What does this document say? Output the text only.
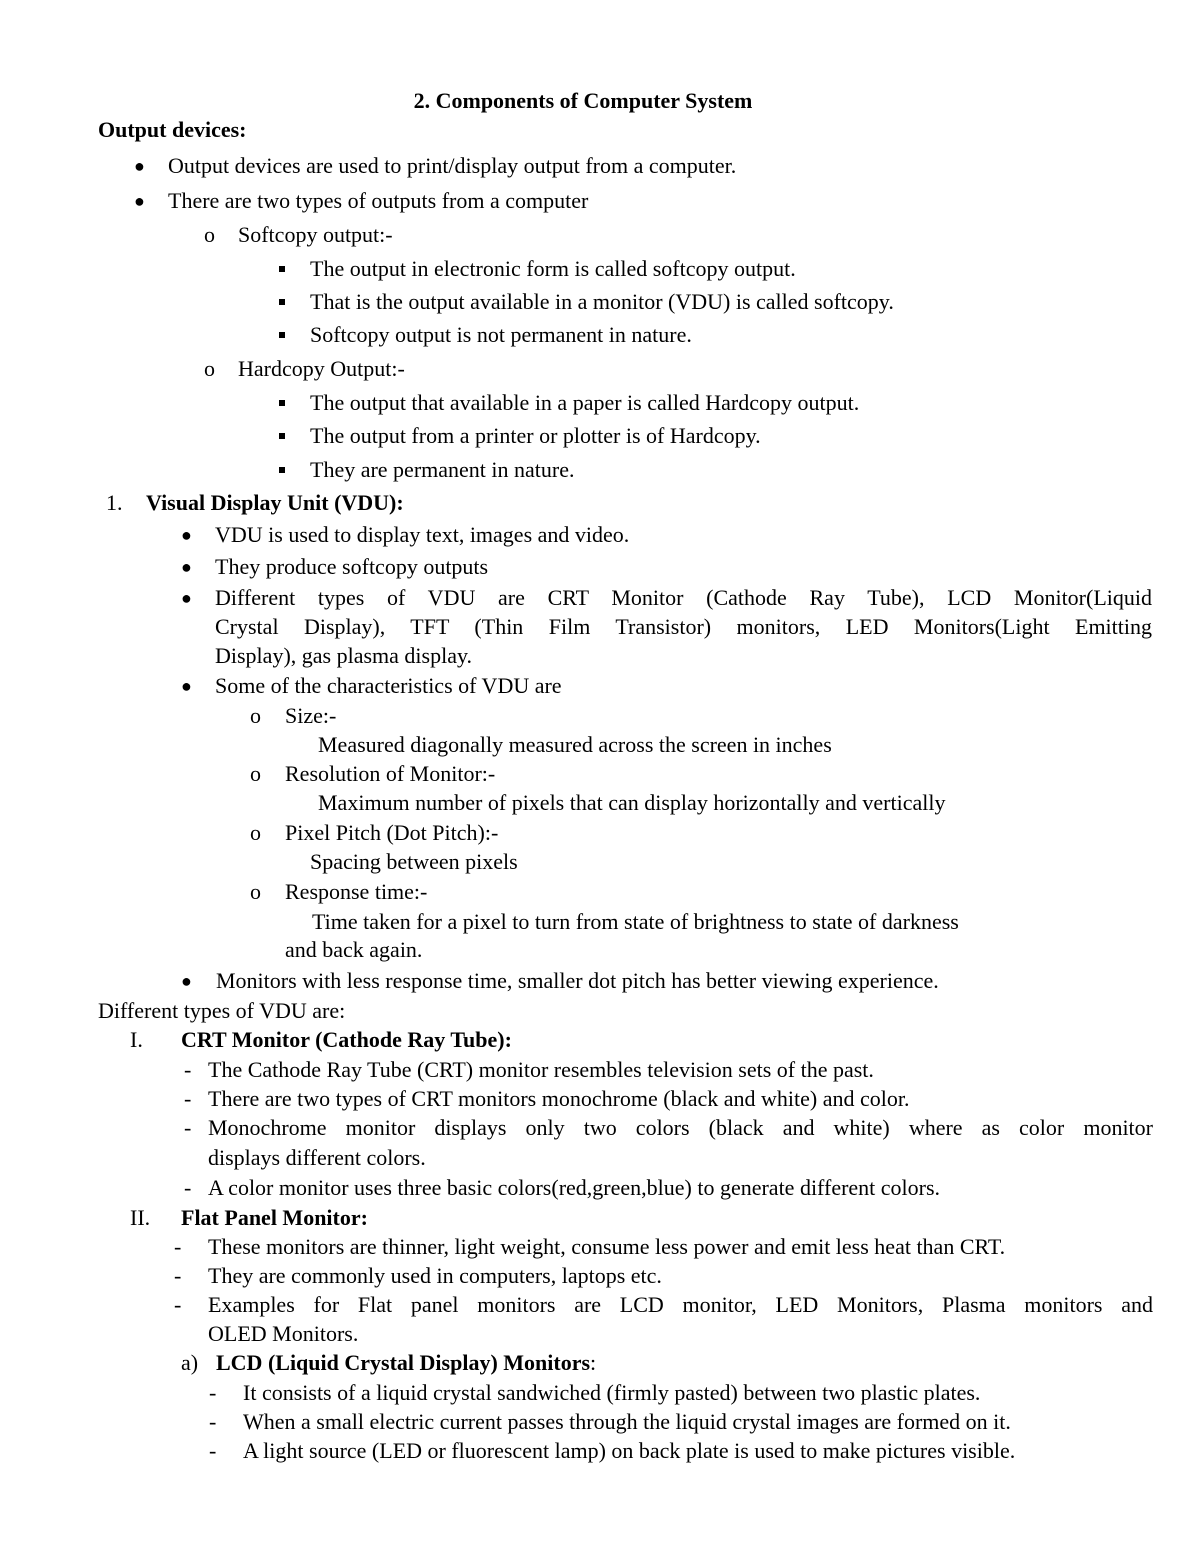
2. Components of Computer System
Output devices:
● Output devices are used to print/display output from a computer.
● There are two types of outputs from a computer
o Softcopy output:-
The output in electronic form is called softcopy output.
That is the output available in a monitor (VDU) is called softcopy.
Softcopy output is not permanent in nature.
o Hardcopy Output:-
The output that available in a paper is called Hardcopy output.
The output from a printer or plotter is of Hardcopy.
They are permanent in nature.
1. Visual Display Unit (VDU):
● VDU is used to display text, images and video.
● They produce softcopy outputs
● Different types of VDU are CRT Monitor (Cathode Ray Tube), LCD Monitor(Liquid
Crystal Display), TFT (Thin Film Transistor) monitors, LED Monitors(Light Emitting
Display), gas plasma display.
● Some of the characteristics of VDU are
o Size:-
Measured diagonally measured across the screen in inches
o Resolution of Monitor:-
Maximum number of pixels that can display horizontally and vertically
o Pixel Pitch (Dot Pitch):-
Spacing between pixels
o Response time:-
Time taken for a pixel to turn from state of brightness to state of darkness
and back again.
● Monitors with less response time, smaller dot pitch has better viewing experience.
Different types of VDU are:
I. CRT Monitor (Cathode Ray Tube):
- The Cathode Ray Tube (CRT) monitor resembles television sets of the past.
- There are two types of CRT monitors monochrome (black and white) and color.
- Monochrome monitor displays only two colors (black and white) where as color monitor
displays different colors.
- A color monitor uses three basic colors(red,green,blue) to generate different colors.
II. Flat Panel Monitor:
- These monitors are thinner, light weight, consume less power and emit less heat than CRT.
- They are commonly used in computers, laptops etc.
- Examples for Flat panel monitors are LCD monitor, LED Monitors, Plasma monitors and
OLED Monitors.
a) LCD (Liquid Crystal Display) Monitors:
- It consists of a liquid crystal sandwiched (firmly pasted) between two plastic plates.
- When a small electric current passes through the liquid crystal images are formed on it.
- A light source (LED or fluorescent lamp) on back plate is used to make pictures visible.
